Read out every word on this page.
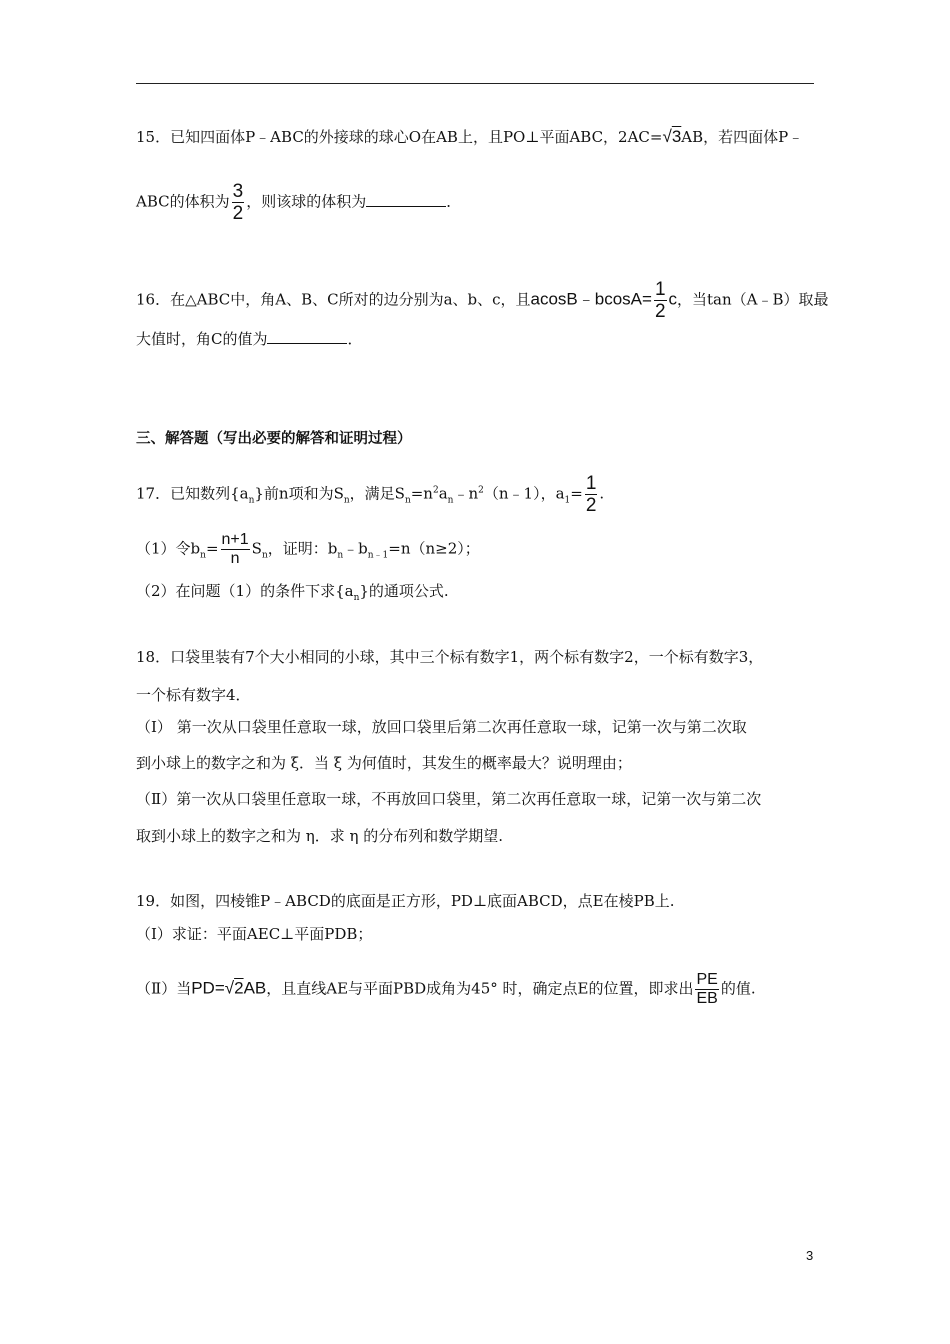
15．已知四面体P﹣ABC的外接球的球心O在AB上，且PO⊥平面ABC，2AC=√3AB，若四面体P﹣
ABC的体积为 $\frac{3}{2}$ ，则该球的体积为	．
16．在△ABC中，角A、B、C所对的边分别为a、b、c，且acosB﹣bcosA= $\frac{1}{2}$ c，当tan（A﹣B）取最
大值时，角C的值为	．
三、解答题（写出必要的解答和证明过程）
17．已知数列$\{a_n\}$前n项和为$S_n$，满足$S_n=n^2a_n﹣n^2(n﹣1)$，$a_1= \frac{1}{2}$ .
（1）令$b_n= \frac{n+1}{n} S_n$，证明：$b_n﹣b_{n﹣1}=n(n\ge 2)$；
（2）在问题（1）的条件下求$\{a_n\}$的通项公式.
18．口袋里装有7个大小相同的小球，其中三个标有数字1，两个标有数字2，一个标有数字3，
一个标有数字4．
（Ⅰ） 第一次从口袋里任意取一球，放回口袋里后第二次再任意取一球，记第一次与第二次取
到小球上的数字之和为 ξ．当 ξ 为何值时，其发生的概率最大？说明理由；
（Ⅱ）第一次从口袋里任意取一球，不再放回口袋里，第二次再任意取一球，记第一次与第二次
取到小球上的数字之和为 η．求 η 的分布列和数学期望.
19．如图，四棱锥P﹣ABCD的底面是正方形，PD⊥底面ABCD，点E在棱PB上.
（Ⅰ）求证：平面AEC⊥平面PDB；
（Ⅱ）当PD=√2AB，且直线AE与平面PBD成角为45° 时，确定点E的位置，即求出 $\frac{PE}{EB}$ 的值.
3
